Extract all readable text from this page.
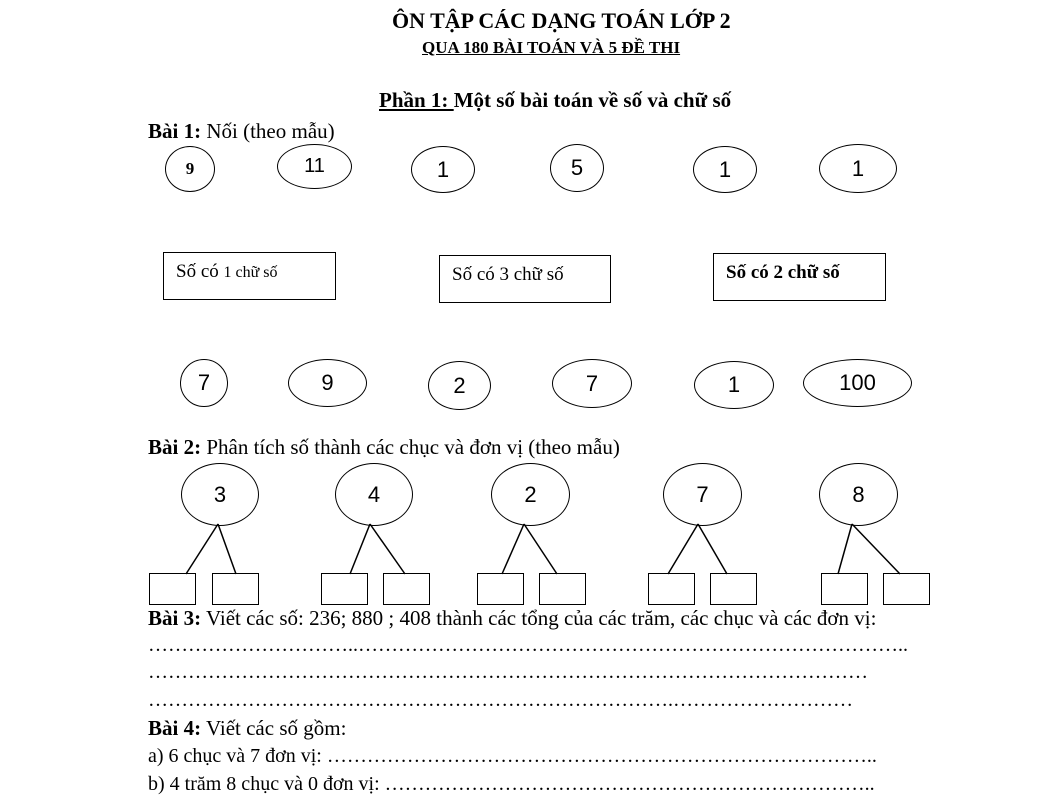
ÔN TẬP CÁC DẠNG TOÁN LỚP 2
QUA 180 BÀI TOÁN VÀ 5 ĐỀ THI
Phần 1: Một số bài toán về số và chữ số
Bài 1: Nối (theo mẫu)
9	11	1	5	1	1
Số có 1 chữ số	Số có 3 chữ số	Số có 2 chữ số
7	9	2	7	1	100
Bài 2: Phân tích số thành các chục và đơn vị (theo mẫu)
3	4	2	7	8
Bài 3: Viết các số: 236; 880 ; 408 thành các tổng của các trăm, các chục và các đơn vị:
…………………………..………………………………………………………………………..
………………………………………………………………………………………………
…………………………………………………………………….………………………
Bài 4: Viết các số gồm:
a) 6 chục và 7 đơn vị: ………………………………………………………………………..
b) 4 trăm 8 chục và 0 đơn vị: ………………………………………………………………..
